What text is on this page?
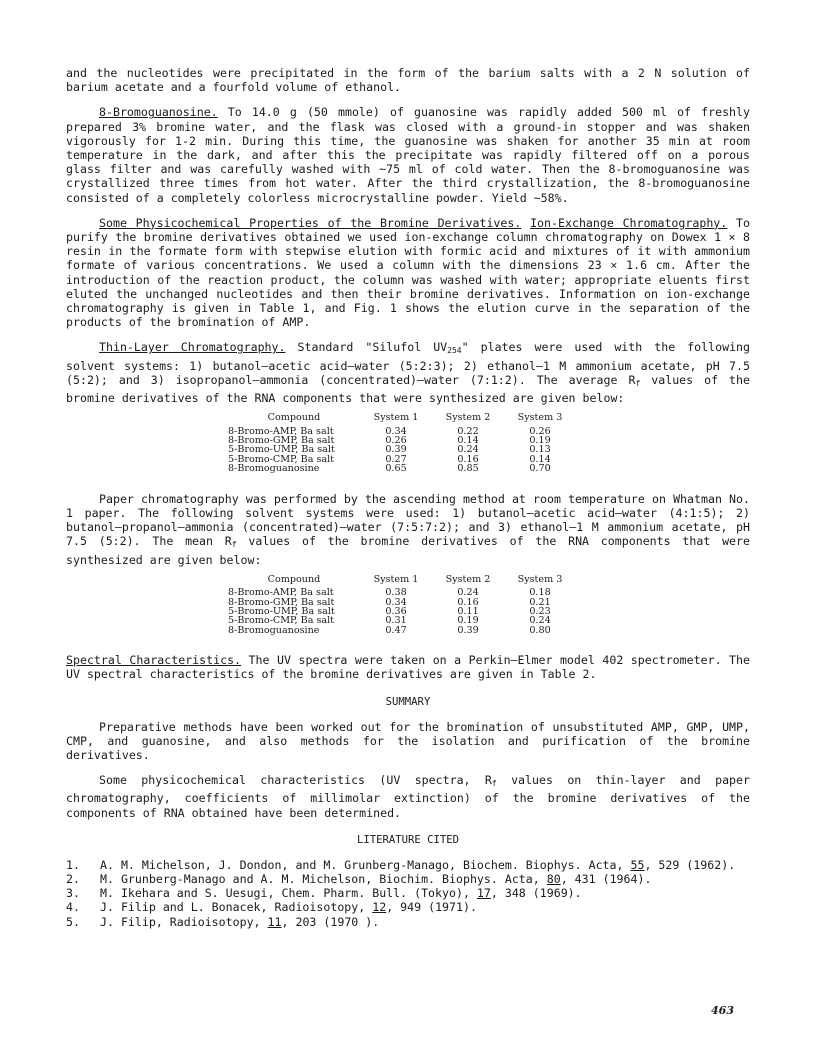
and the nucleotides were precipitated in the form of the barium salts with a 2 N solution of barium acetate and a fourfold volume of ethanol.

8-Bromoguanosine. To 14.0 g (50 mmole) of guanosine was rapidly added 500 ml of freshly prepared 3% bromine water, and the flask was closed with a ground-in stopper and was shaken vigorously for 1-2 min. During this time, the guanosine was shaken for another 35 min at room temperature in the dark, and after this the precipitate was rapidly filtered off on a porous glass filter and was carefully washed with ~75 ml of cold water. Then the 8-bromoguanosine was crystallized three times from hot water. After the third crystallization, the 8-bromoguanosine consisted of a completely colorless microcrystalline powder. Yield ~58%.

Some Physicochemical Properties of the Bromine Derivatives. Ion-Exchange Chromatography. To purify the bromine derivatives obtained we used ion-exchange column chromatography on Dowex 1 × 8 resin in the formate form with stepwise elution with formic acid and mixtures of it with ammonium formate of various concentrations. We used a column with the dimensions 23 × 1.6 cm. After the introduction of the reaction product, the column was washed with water; appropriate eluents first eluted the unchanged nucleotides and then their bromine derivatives. Information on ion-exchange chromatography is given in Table 1, and Fig. 1 shows the elution curve in the separation of the products of the bromination of AMP.

Thin-Layer Chromatography. Standard "Silufol $UV_{254}$" plates were used with the following solvent systems: 1) butanol—acetic acid—water (5:2:3); 2) ethanol—1 M ammonium acetate, pH 7.5 (5:2); and 3) isopropanol—ammonia (concentrated)—water (7:1:2). The average $R_f$ values of the bromine derivatives of the RNA components that were synthesized are given below:

Compound	System 1	System 2	System 3
8-Bromo-AMP, Ba salt	0.34	0.22	0.26
8-Bromo-GMP, Ba salt	0.26	0.14	0.19
5-Bromo-UMP, Ba salt	0.39	0.24	0.13
5-Bromo-CMP, Ba salt	0.27	0.16	0.14
8-Bromoguanosine	0.65	0.85	0.70

Paper chromatography was performed by the ascending method at room temperature on Whatman No. 1 paper. The following solvent systems were used: 1) butanol—acetic acid—water (4:1:5); 2) butanol—propanol—ammonia (concentrated)—water (7:5:7:2); and 3) ethanol—1 M ammonium acetate, pH 7.5 (5:2). The mean $R_f$ values of the bromine derivatives of the RNA components that were synthesized are given below:

Compound	System 1	System 2	System 3
8-Bromo-AMP, Ba salt	0.38	0.24	0.18
8-Bromo-GMP, Ba salt	0.34	0.16	0.21
5-Bromo-UMP, Ba salt	0.36	0.11	0.23
5-Bromo-CMP, Ba salt	0.31	0.19	0.24
8-Bromoguanosine	0.47	0.39	0.80

Spectral Characteristics. The UV spectra were taken on a Perkin—Elmer model 402 spectrometer. The UV spectral characteristics of the bromine derivatives are given in Table 2.

SUMMARY

Preparative methods have been worked out for the bromination of unsubstituted AMP, GMP, UMP, CMP, and guanosine, and also methods for the isolation and purification of the bromine derivatives.

Some physicochemical characteristics (UV spectra, $R_f$ values on thin-layer and paper chromatography, coefficients of millimolar extinction) of the bromine derivatives of the components of RNA obtained have been determined.

LITERATURE CITED
1.	A. M. Michelson, J. Dondon, and M. Grunberg-Manago, Biochem. Biophys. Acta, 55, 529 (1962).
2.	M. Grunberg-Manago and A. M. Michelson, Biochim. Biophys. Acta, 80, 431 (1964).
3.	M. Ikehara and S. Uesugi, Chem. Pharm. Bull. (Tokyo), 17, 348 (1969).
4.	J. Filip and L. Bonacek, Radioisotopy, 12, 949 (1971).
5.	J. Filip, Radioisotopy, 11, 203 (1970 ).
463
